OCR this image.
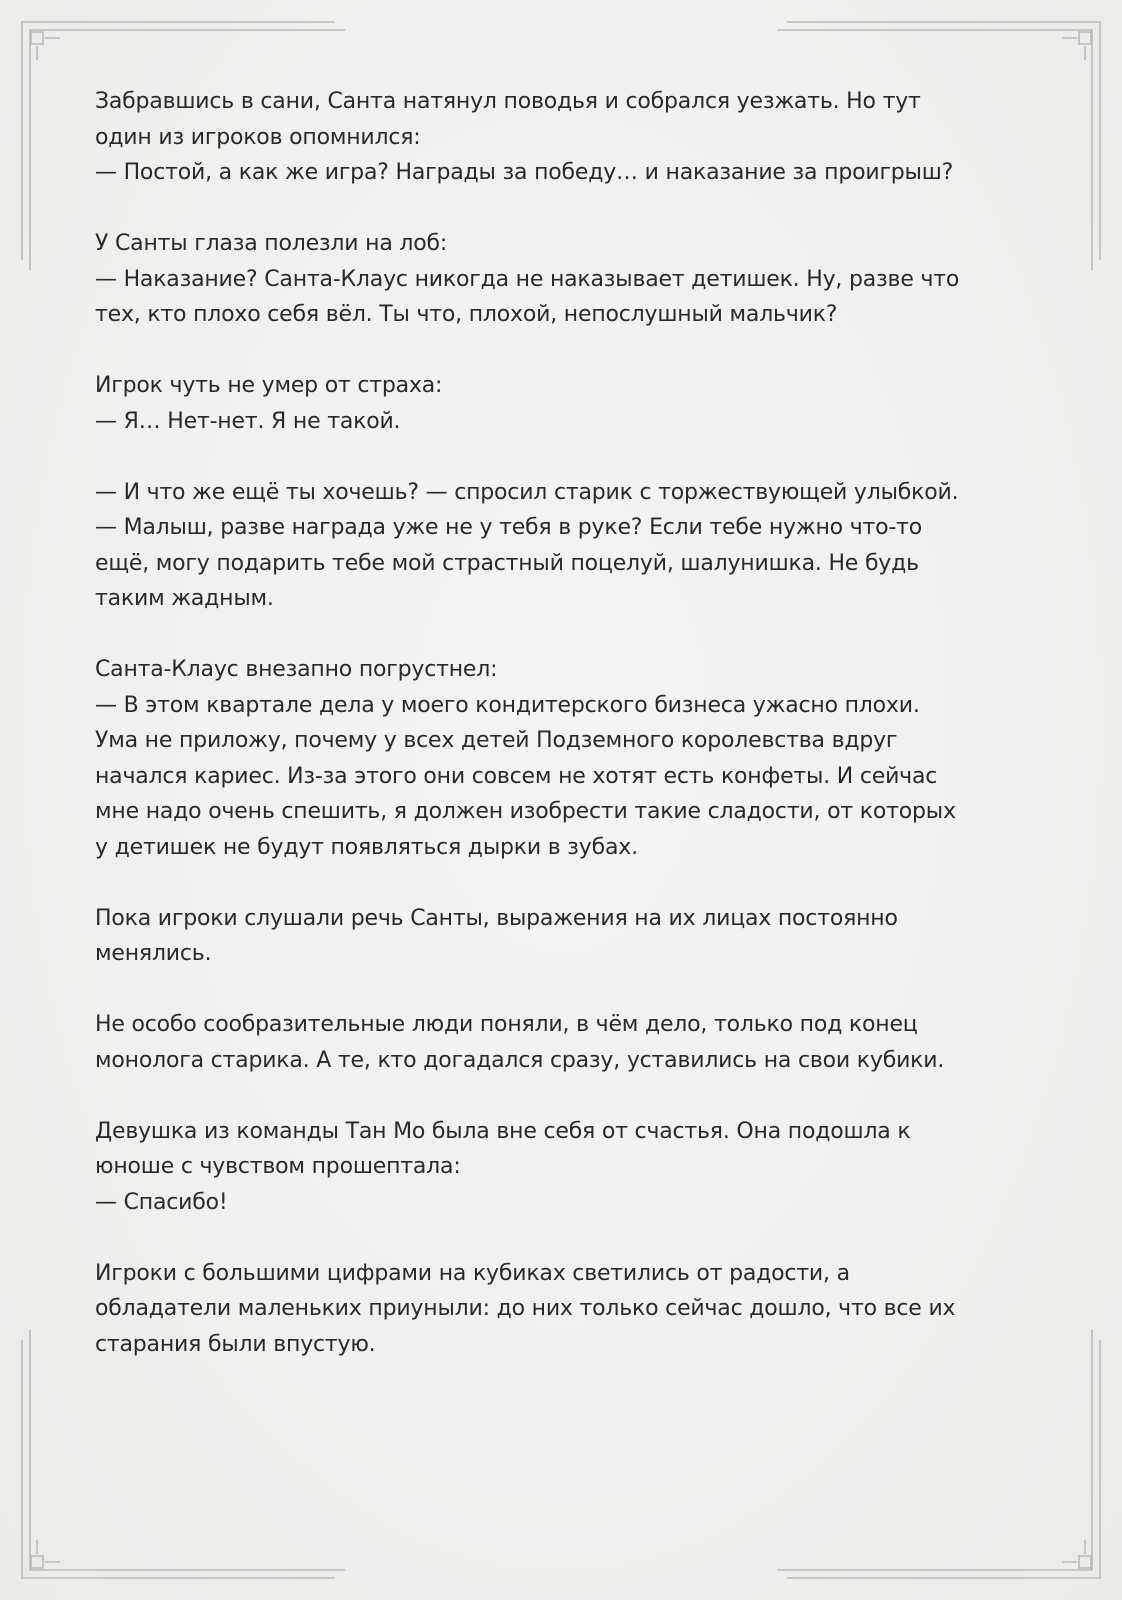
Забравшись в сани, Санта натянул поводья и собрался уезжать. Но тут
один из игроков опомнился:
— Постой, а как же игра? Награды за победу… и наказание за проигрыш?

У Санты глаза полезли на лоб:
— Наказание? Санта-Клаус никогда не наказывает детишек. Ну, разве что
тех, кто плохо себя вёл. Ты что, плохой, непослушный мальчик?

Игрок чуть не умер от страха:
— Я… Нет-нет. Я не такой.

— И что же ещё ты хочешь? — спросил старик с торжествующей улыбкой.
— Малыш, разве награда уже не у тебя в руке? Если тебе нужно что-то
ещё, могу подарить тебе мой страстный поцелуй, шалунишка. Не будь
таким жадным.

Санта-Клаус внезапно погрустнел:
— В этом квартале дела у моего кондитерского бизнеса ужасно плохи.
Ума не приложу, почему у всех детей Подземного королевства вдруг
начался кариес. Из-за этого они совсем не хотят есть конфеты. И сейчас
мне надо очень спешить, я должен изобрести такие сладости, от которых
у детишек не будут появляться дырки в зубах.

Пока игроки слушали речь Санты, выражения на их лицах постоянно
менялись.

Не особо сообразительные люди поняли, в чём дело, только под конец
монолога старика. А те, кто догадался сразу, уставились на свои кубики.

Девушка из команды Тан Мо была вне себя от счастья. Она подошла к
юноше с чувством прошептала:
— Спасибо!

Игроки с большими цифрами на кубиках светились от радости, а
обладатели маленьких приуныли: до них только сейчас дошло, что все их
старания были впустую.
